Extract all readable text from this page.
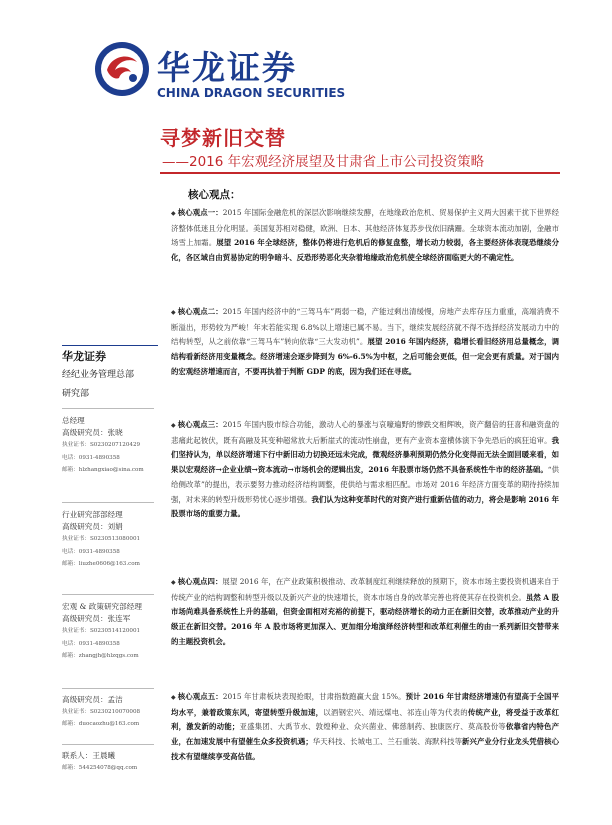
华龙证券
CHINA DRAGON SECURITIES
寻梦新旧交替
——2016 年宏观经济展望及甘肃省上市公司投资策略
核心观点：
◆ 核心观点一：2015 年国际金融危机的深层次影响继续发酵，在地缘政治危机、贸易保护主义两大因素干扰下世界经济整体低迷且分化明显。美国复苏相对稳健，欧洲、日本、其他经济体复苏步伐依旧蹒跚。全球资本流动加剧，金融市场雪上加霜。展望 2016 年全球经济，整体仍将进行危机后的修复盘整，增长动力较弱，各主要经济体表现恐继续分化，各区域自由贸易协定的明争暗斗、反恐形势恶化夹杂着地缘政治危机使全球经济面临更大的不确定性。
◆ 核心观点二：2015 年国内经济中的“三驾马车”两弱一稳，产能过剩出清缓慢，房地产去库存压力重重，高端消费不断溢出，形势较为严峻！年末若能实现 6.8%以上增速已属不易。当下，继续发展经济就不得不选择经济发展动力中的结构转型，从之前依靠“三驾马车”转向依靠“三大发动机”。展望 2016 年国内经济，稳增长看旧经济用总量概念，调结构看新经济用变量概念。经济增速会逐步降到为 6%-6.5%为中枢，之后可能会更低，但一定会更有质量。对于国内的宏观经济增速而言，不要再执着于判断 GDP 的底，因为我们还在寻底。
◆ 核心观点三：2015 年国内股市综合功能，激动人心的暴涨与哀嚎遍野的惨跌交相辉映，资产翻倍的狂喜和融资盘的悲痛此起彼伏，既有高融及其变种超常放大后断崖式的流动性崩盘，更有产业资本蛮横体演下争先恐后的疯狂追审。我们坚持认为，单以经济增速下行中新旧动力切换还远未完成，微观经济暴利预期仍然分化变得而无法全面回暖来看，如果以宏观经济→企业业绩→资本流动→市场机会的逻辑出发，2016 年股票市场仍然不具备系统性牛市的经济基础。“供给侧改革”的提出，表示要努力推动经济结构调整，使供给与需求相匹配。市场对 2016 年经济方面变革的期待持续加强，对未来的转型升级形势忧心逐步增强。我们认为这种变革时代的对资产进行重新估值的动力，将会是影响 2016 年股票市场的重要力量。
◆ 核心观点四：展望 2016 年，在产业政策积极推动、改革制度红利继续释放的预期下，资本市场主要投资机遇来自于传统产业的结构调整和转型升级以及新兴产业的快速增长，资本市场自身的改革完善也将使其存在投资机会。虽然 A 股市场尚难具备系统性上升的基础，但资金面相对充裕的前提下，驱动经济增长的动力正在新旧交替，改革推动产业的升级正在新旧交替。2016 年 A 股市场将更加深入、更加细分地演绎经济转型和改革红利催生的由一系列新旧交替带来的主题投资机会。
◆ 核心观点五：2015 年甘肃板块表现抢眼，甘肃指数跑赢大盘 15%。预计 2016 年甘肃经济增速仍有望高于全国平均水平，兼着政策东风，寄望转型升级加速，以酒钢宏兴、靖远煤电、祁连山等为代表的传统产业，将受益于改革红利，激发新的动能；亚盛集团、大禹节水、敦煌种业、众兴菌业、佛慈制药、独康医疗、莫高股份等依靠省内特色产业，在加速发展中有望催生众多投资机遇；华天科技、长城电工、兰石重装、海默科技等新兴产业分行业龙头凭借核心技术有望继续享受高估值。
华龙证券
经纪业务管理总部
研究部
总经理
高级研究员：张晓
执业证书：S0230207120429
电话：0931-4890358
邮箱：hlzhangxiao@sina.com
行业研究部部经理
高级研究员：刘娟
执业证书：S0230513080001
电话：0931-4890358
邮箱：liuzhe0606@163.com
宏观 & 政策研究部经理
高级研究员：张连军
执业证书：S0230514120001
电话：0931-4890358
邮箱：zhangjh@hlzqgs.com
高级研究员：孟洁
执业证书：S0230210070008
邮箱：duocaozhu@163.com
联系人：王晨曦
邮箱：544254078@qq.com
